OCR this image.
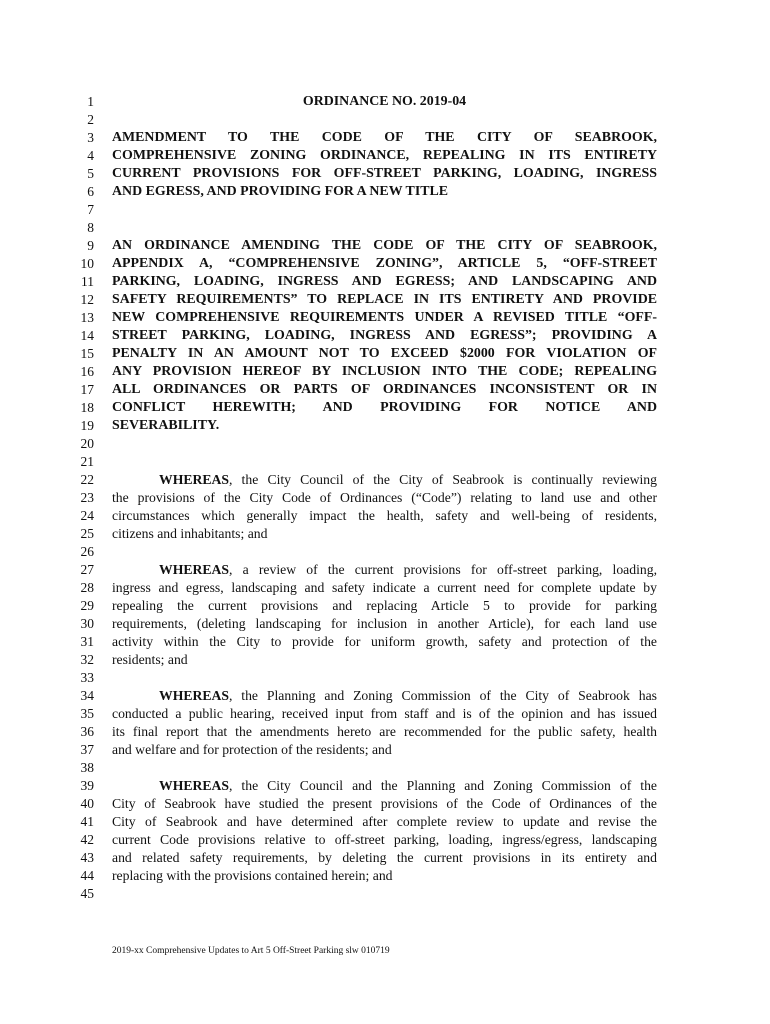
1	ORDINANCE NO. 2019-04
2
3 AMENDMENT TO THE CODE OF THE CITY OF SEABROOK,
4 COMPREHENSIVE ZONING ORDINANCE, REPEALING IN ITS ENTIRETY
5 CURRENT PROVISIONS FOR OFF-STREET PARKING, LOADING, INGRESS
6 AND EGRESS, AND PROVIDING FOR A NEW TITLE
7
8
9 AN ORDINANCE AMENDING THE CODE OF THE CITY OF SEABROOK,
10 APPENDIX A, “COMPREHENSIVE ZONING”, ARTICLE 5, “OFF-STREET
11 PARKING, LOADING, INGRESS AND EGRESS; AND LANDSCAPING AND
12 SAFETY REQUIREMENTS” TO REPLACE IN ITS ENTIRETY AND PROVIDE
13 NEW COMPREHENSIVE REQUIREMENTS UNDER A REVISED TITLE “OFF-
14 STREET PARKING, LOADING, INGRESS AND EGRESS”; PROVIDING A
15 PENALTY IN AN AMOUNT NOT TO EXCEED $2000 FOR VIOLATION OF
16 ANY PROVISION HEREOF BY INCLUSION INTO THE CODE; REPEALING
17 ALL ORDINANCES OR PARTS OF ORDINANCES INCONSISTENT OR IN
18 CONFLICT HEREWITH; AND PROVIDING FOR NOTICE AND
19 SEVERABILITY.
20
21
22	WHEREAS, the City Council of the City of Seabrook is continually reviewing
23 the provisions of the City Code of Ordinances (“Code”) relating to land use and other
24 circumstances which generally impact the health, safety and well-being of residents,
25 citizens and inhabitants; and
26
27	WHEREAS, a review of the current provisions for off-street parking, loading,
28 ingress and egress, landscaping and safety indicate a current need for complete update by
29 repealing the current provisions and replacing Article 5 to provide for parking
30 requirements, (deleting landscaping for inclusion in another Article), for each land use
31 activity within the City to provide for uniform growth, safety and protection of the
32 residents; and
33
34	WHEREAS, the Planning and Zoning Commission of the City of Seabrook has
35 conducted a public hearing, received input from staff and is of the opinion and has issued
36 its final report that the amendments hereto are recommended for the public safety, health
37 and welfare and for protection of the residents; and
38
39	WHEREAS, the City Council and the Planning and Zoning Commission of the
40 City of Seabrook have studied the present provisions of the Code of Ordinances of the
41 City of Seabrook and have determined after complete review to update and revise the
42 current Code provisions relative to off-street parking, loading, ingress/egress, landscaping
43 and related safety requirements, by deleting the current provisions in its entirety and
44 replacing with the provisions contained herein; and
45
2019-xx Comprehensive Updates to Art 5 Off-Street Parking slw 010719
